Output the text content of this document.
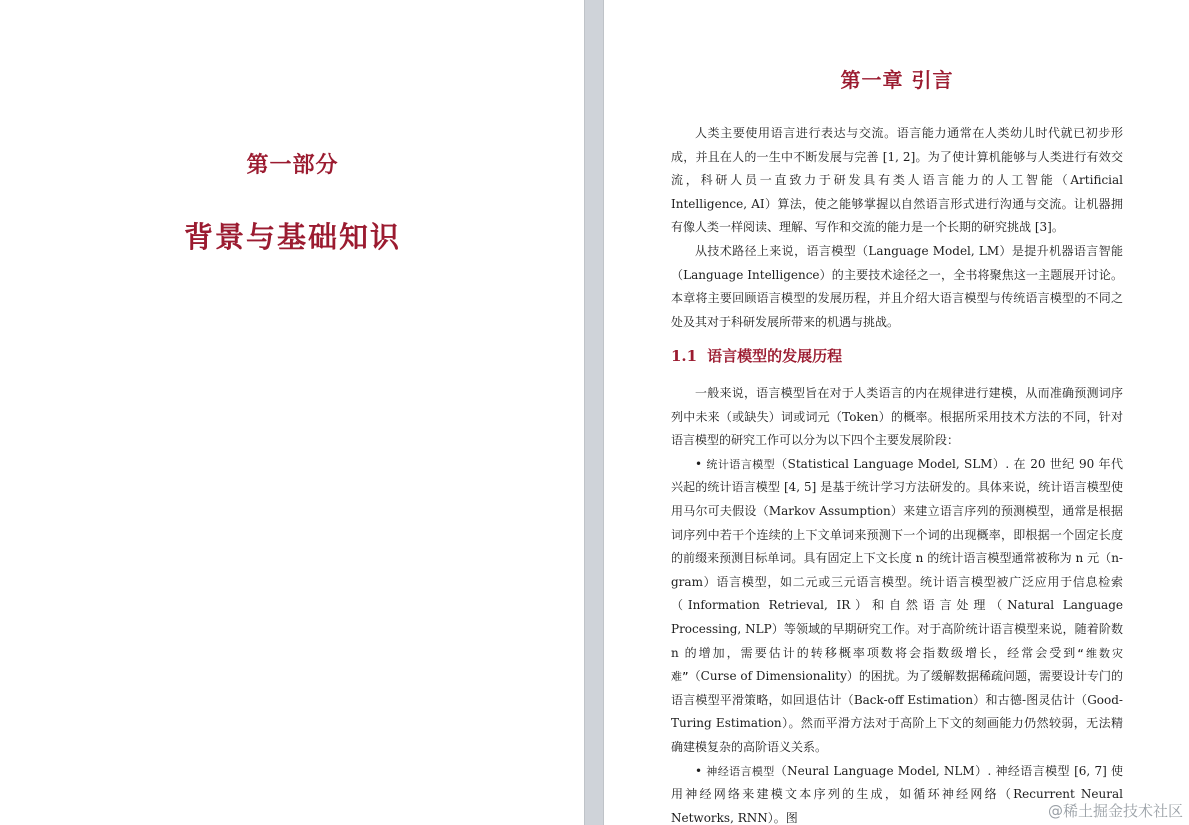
第一部分
背景与基础知识
第一章 引言

人类主要使用语言进行表达与交流。语言能力通常在人类幼儿时代就已初步形成，并且在人的一生中不断发展与完善 [1, 2]。为了使计算机能够与人类进行有效交流，科研人员一直致力于研发具有类人语言能力的人工智能（Artificial Intelligence, AI）算法，使之能够掌握以自然语言形式进行沟通与交流。让机器拥有像人类一样阅读、理解、写作和交流的能力是一个长期的研究挑战 [3]。

从技术路径上来说，语言模型（Language Model, LM）是提升机器语言智能（Language Intelligence）的主要技术途径之一，全书将聚焦这一主题展开讨论。本章将主要回顾语言模型的发展历程，并且介绍大语言模型与传统语言模型的不同之处及其对于科研发展所带来的机遇与挑战。

1.1 语言模型的发展历程

一般来说，语言模型旨在对于人类语言的内在规律进行建模，从而准确预测词序列中未来（或缺失）词或词元（Token）的概率。根据所采用技术方法的不同，针对语言模型的研究工作可以分为以下四个主要发展阶段：

• 统计语言模型（Statistical Language Model, SLM）. 在 20 世纪 90 年代兴起的统计语言模型 [4, 5] 是基于统计学习方法研发的。具体来说，统计语言模型使用马尔可夫假设（Markov Assumption）来建立语言序列的预测模型，通常是根据词序列中若干个连续的上下文单词来预测下一个词的出现概率，即根据一个固定长度的前缀来预测目标单词。具有固定上下文长度 n 的统计语言模型通常被称为 n 元（n-gram）语言模型，如二元或三元语言模型。统计语言模型被广泛应用于信息检索（Information Retrieval, IR）和自然语言处理（Natural Language Processing, NLP）等领域的早期研究工作。对于高阶统计语言模型来说，随着阶数 n 的增加，需要估计的转移概率项数将会指数级增长，经常会受到“维数灾难”（Curse of Dimensionality）的困扰。为了缓解数据稀疏问题，需要设计专门的语言模型平滑策略，如回退估计（Back-off Estimation）和古德-图灵估计（Good-Turing Estimation）。然而平滑方法对于高阶上下文的刻画能力仍然较弱，无法精确建模复杂的高阶语义关系。

• 神经语言模型（Neural Language Model, NLM）. 神经语言模型 [6, 7] 使用神经网络来建模文本序列的生成，如循环神经网络（Recurrent Neural Networks, RNN）。图	@稀土掘金技术社区
